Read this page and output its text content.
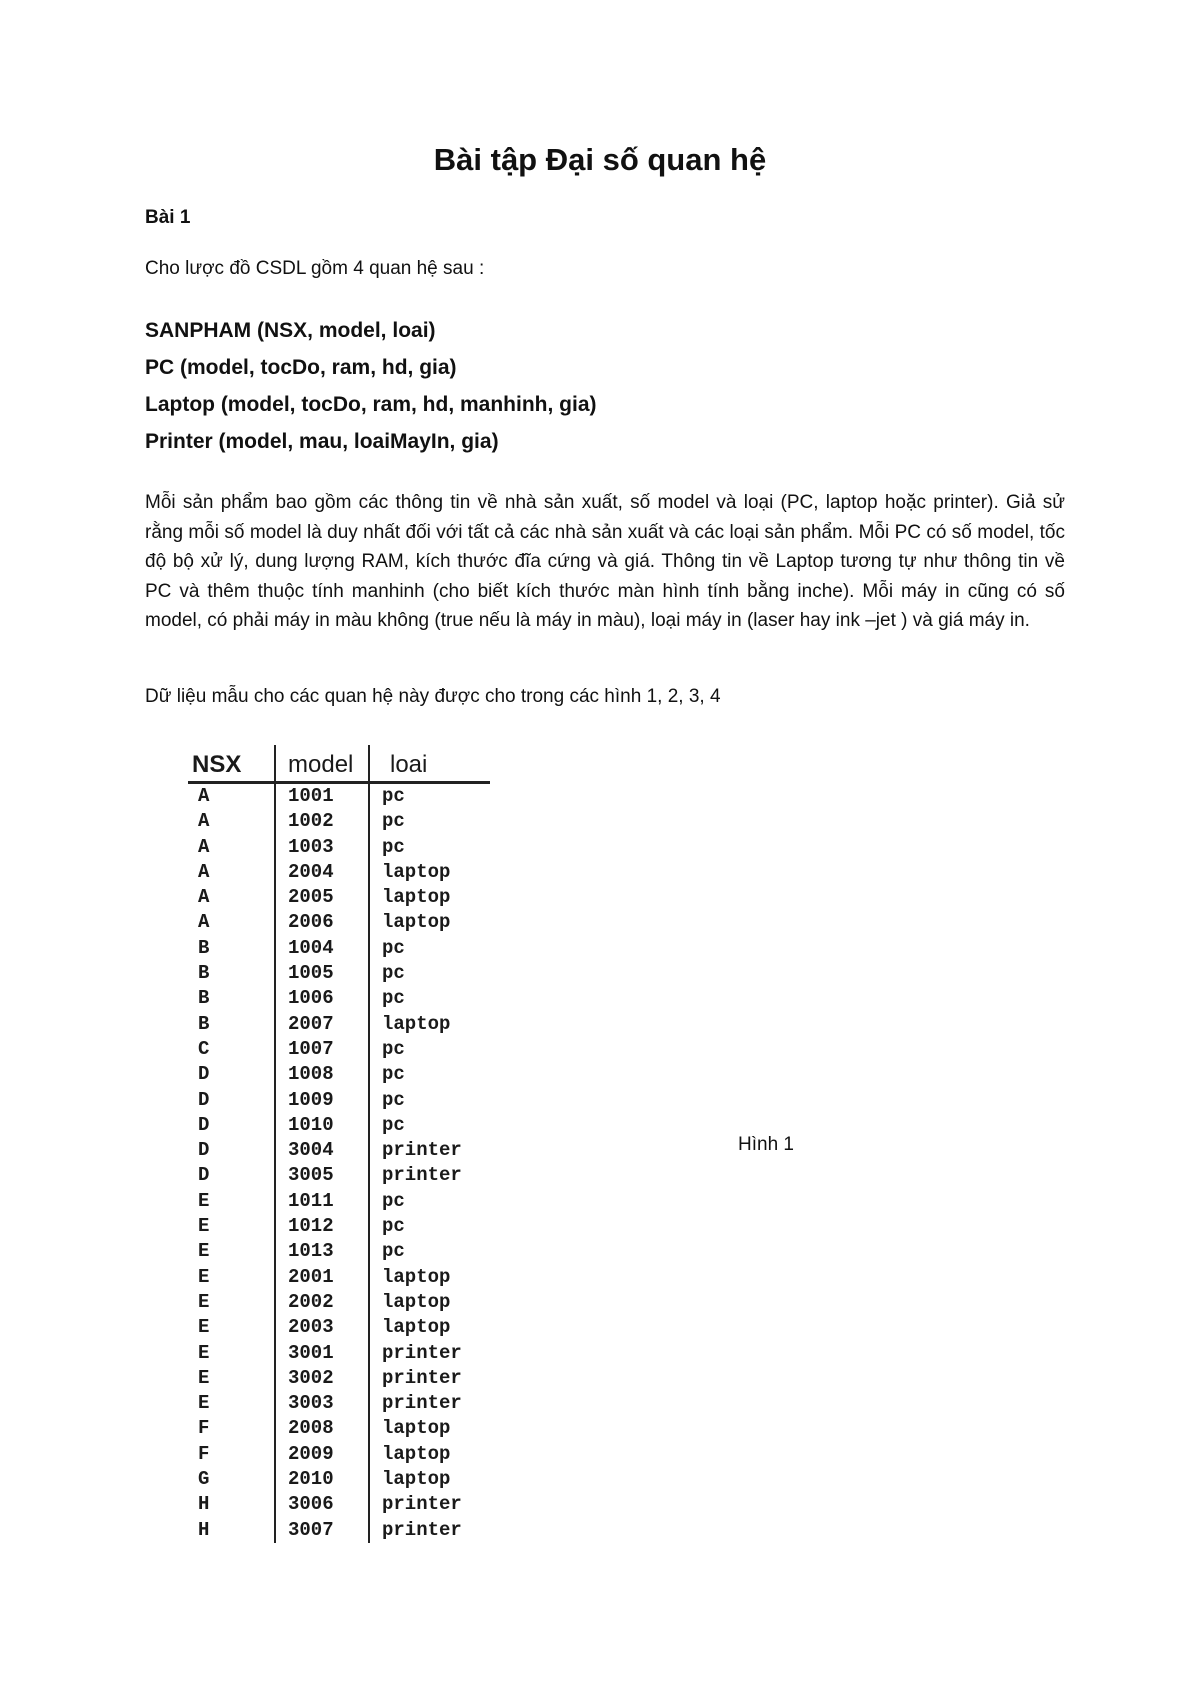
Bài tập Đại số quan hệ
Bài 1

Cho lược đồ CSDL gồm 4 quan hệ sau :

SANPHAM (NSX, model, loai)
PC (model, tocDo, ram, hd, gia)
Laptop (model, tocDo, ram, hd, manhinh, gia)
Printer (model, mau, loaiMayIn, gia)

Mỗi sản phẩm bao gồm các thông tin về nhà sản xuất, số model và loại (PC, laptop hoặc printer). Giả sử rằng mỗi số model là duy nhất đối với tất cả các nhà sản xuất và các loại sản phẩm. Mỗi PC có số model, tốc độ bộ xử lý, dung lượng RAM, kích thước đĩa cứng và giá. Thông tin về Laptop tương tự như thông tin về PC và thêm thuộc tính manhinh (cho biết kích thước màn hình tính bằng inche). Mỗi máy in cũng có số model, có phải máy in màu không (true nếu là máy in màu), loại máy in (laser hay ink –jet ) và giá máy in.

Dữ liệu mẫu cho các quan hệ này được cho trong các hình 1, 2, 3, 4

NSX	model	loai
A	1001	pc
A	1002	pc
A	1003	pc
A	2004	laptop
A	2005	laptop
A	2006	laptop
B	1004	pc
B	1005	pc
B	1006	pc
B	2007	laptop
C	1007	pc
D	1008	pc
D	1009	pc
D	1010	pc
D	3004	printer
D	3005	printer
E	1011	pc
E	1012	pc
E	1013	pc
E	2001	laptop
E	2002	laptop
E	2003	laptop
E	3001	printer
E	3002	printer
E	3003	printer
F	2008	laptop
F	2009	laptop
G	2010	laptop
H	3006	printer
H	3007	printer

Hình 1
